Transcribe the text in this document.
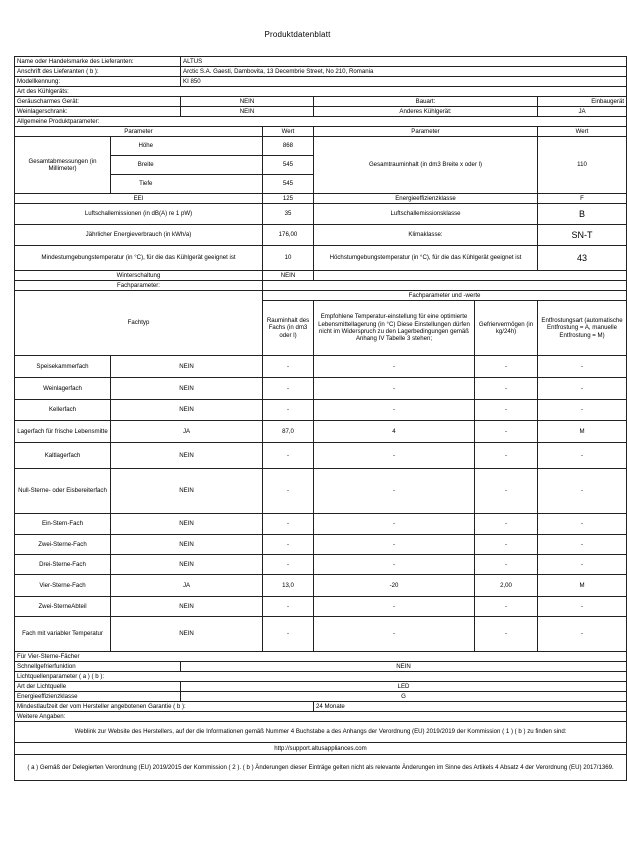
Produktdatenblatt
Name oder Handelsmarke des Lieferanten:		ALTUS				
Anschrift des Lieferanten ( b ):		Arctic S.A. Gaesti, Dambovita, 13 Decembrie Street, No 210, Romania				
Modellkennung:		KI 850				
Art des Kühlgeräts:						
Geräuscharmes Gerät:		NEIN		Bauart:		Einbaugerät
Weinlagerschrank:		NEIN		Anderes Kühlgerät:		JA
Allgemeine Produktparameter:						
Parameter			Wert	Parameter		Wert
Gesamtabmessungen (in Millimeter)	Höhe		868	Gesamtrauminhalt (in dm3 Breite x oder l)		110
	Breite		545			
	Tiefe		545			
EEI			125	Energieeffizienzklasse		F
Luftschallemissionen (in dB(A) re 1 pW)			35	Luftschallemissionsklasse		B
Jährlicher Energieverbrauch (in kWh/a)			176,00	Klimaklasse:		SN-T
Mindestumgebungstemperatur (in °C), für die das Kühlgerät geeignet ist			10	Höchstumgebungstemperatur (in °C), für die das Kühlgerät geeignet ist		43
Winterschaltung			NEIN			
Fachparameter:						
Fachtyp			Fachparameter und -werte			
			Rauminhalt des Fachs (in dm3 oder l)	Empfohlene Temperatur-einstellung für eine optimierte Lebensmittellagerung (in °C) Diese Einstellungen dürfen nicht im Widerspruch zu den Lagerbedingungen gemäß Anhang IV Tabelle 3 stehen;	Gefriervermögen (in kg/24h)	Entfrostungsart (automatische Entfrostung = A, manuelle Entfrostung = M)
Speisekammerfach	NEIN		-	-	-	-
Weinlagerfach	NEIN		-	-	-	-
Kellerfach	NEIN		-	-	-	-
Lagerfach für frische Lebensmitte	JA		87,0	4	-	M
Kaltlagerfach	NEIN		-	-	-	-
Null-Sterne- oder Eisbereiterfach	NEIN		-	-	-	-
Ein-Stern-Fach	NEIN		-	-	-	-
Zwei-Sterne-Fach	NEIN		-	-	-	-
Drei-Sterne-Fach	NEIN		-	-	-	-
Vier-Sterne-Fach	JA		13,0	-20	2,00	M
Zwei-SterneAbteil	NEIN		-	-	-	-
Fach mit variabler Temperatur	NEIN		-	-	-	-
Für Vier-Sterne-Fächer						
Schnellgefrierfunktion		NEIN				
Lichtquellenparameter ( a ) ( b ):						
Art der Lichtquelle		LED				
Energieeffizienzklasse		G				
Mindestlaufzeit der vom Hersteller angebotenen Garantie ( b ):				24 Monate		
Weitere Angaben:						
Weblink zur Website des Herstellers, auf der die Informationen gemäß Nummer 4 Buchstabe a des Anhangs der Verordnung (EU) 2019/2019 der Kommission ( 1 ) ( b ) zu finden sind:						
http://support.altusappliances.com						
( a ) Gemäß der Delegierten Verordnung (EU) 2019/2015 der Kommission ( 2 ). ( b ) Änderungen dieser Einträge gelten nicht als relevante Änderungen im Sinne des Artikels 4 Absatz 4 der Verordnung (EU) 2017/1369.						
